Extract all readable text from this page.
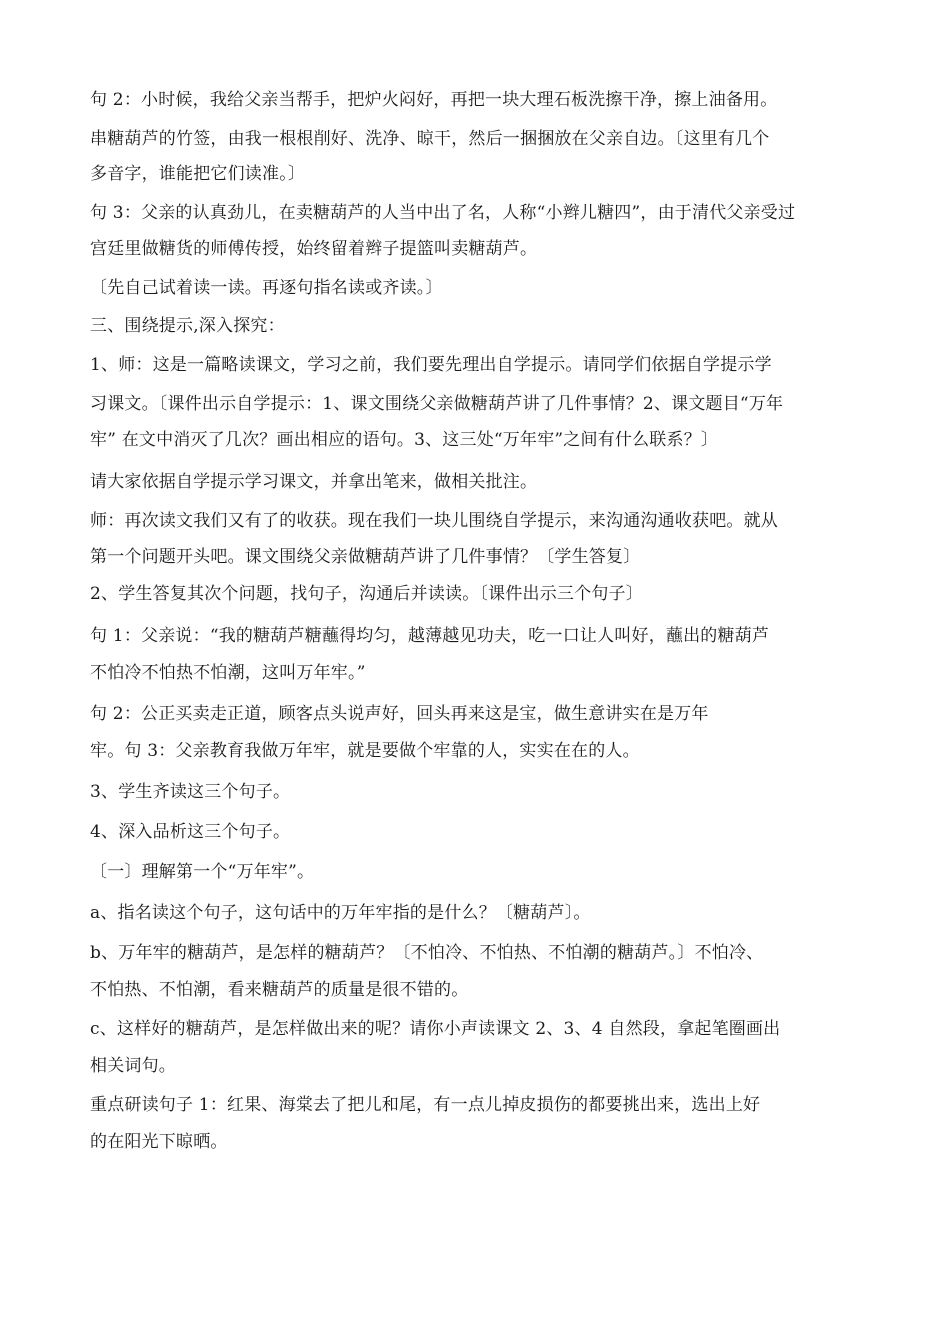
句 2：小时候，我给父亲当帮手，把炉火闷好，再把一块大理石板洗擦干净，擦上油备用。
串糖葫芦的竹签，由我一根根削好、洗净、晾干，然后一捆捆放在父亲自边。〔这里有几个
多音字，谁能把它们读准。〕
句 3：父亲的认真劲儿，在卖糖葫芦的人当中出了名，人称“小辫儿糖四”，由于清代父亲受过
宫廷里做糖货的师傅传授，始终留着辫子提篮叫卖糖葫芦。
〔先自己试着读一读。再逐句指名读或齐读。〕
三、围绕提示,深入探究：
1、师：这是一篇略读课文，学习之前，我们要先理出自学提示。请同学们依据自学提示学
习课文。〔课件出示自学提示：1、课文围绕父亲做糖葫芦讲了几件事情？2、课文题目“万年
牢” 在文中消灭了几次？画出相应的语句。3、这三处“万年牢”之间有什么联系？〕
请大家依据自学提示学习课文，并拿出笔来，做相关批注。
师：再次读文我们又有了的收获。现在我们一块儿围绕自学提示，来沟通沟通收获吧。就从
第一个问题开头吧。课文围绕父亲做糖葫芦讲了几件事情？〔学生答复〕
2、学生答复其次个问题，找句子，沟通后并读读。〔课件出示三个句子〕
句 1：父亲说：“我的糖葫芦糖蘸得均匀，越薄越见功夫，吃一口让人叫好，蘸出的糖葫芦
不怕冷不怕热不怕潮，这叫万年牢。”
句 2：公正买卖走正道，顾客点头说声好，回头再来这是宝，做生意讲实在是万年
牢。句 3：父亲教育我做万年牢，就是要做个牢靠的人，实实在在的人。
3、学生齐读这三个句子。
4、深入品析这三个句子。
〔一〕理解第一个“万年牢”。
a、指名读这个句子，这句话中的万年牢指的是什么？〔糖葫芦〕。
b、万年牢的糖葫芦，是怎样的糖葫芦？〔不怕冷、不怕热、不怕潮的糖葫芦。〕不怕冷、
不怕热、不怕潮，看来糖葫芦的质量是很不错的。
c、这样好的糖葫芦，是怎样做出来的呢？请你小声读课文 2、3、4 自然段，拿起笔圈画出
相关词句。
重点研读句子 1：红果、海棠去了把儿和尾，有一点儿掉皮损伤的都要挑出来，选出上好
的在阳光下晾晒。
